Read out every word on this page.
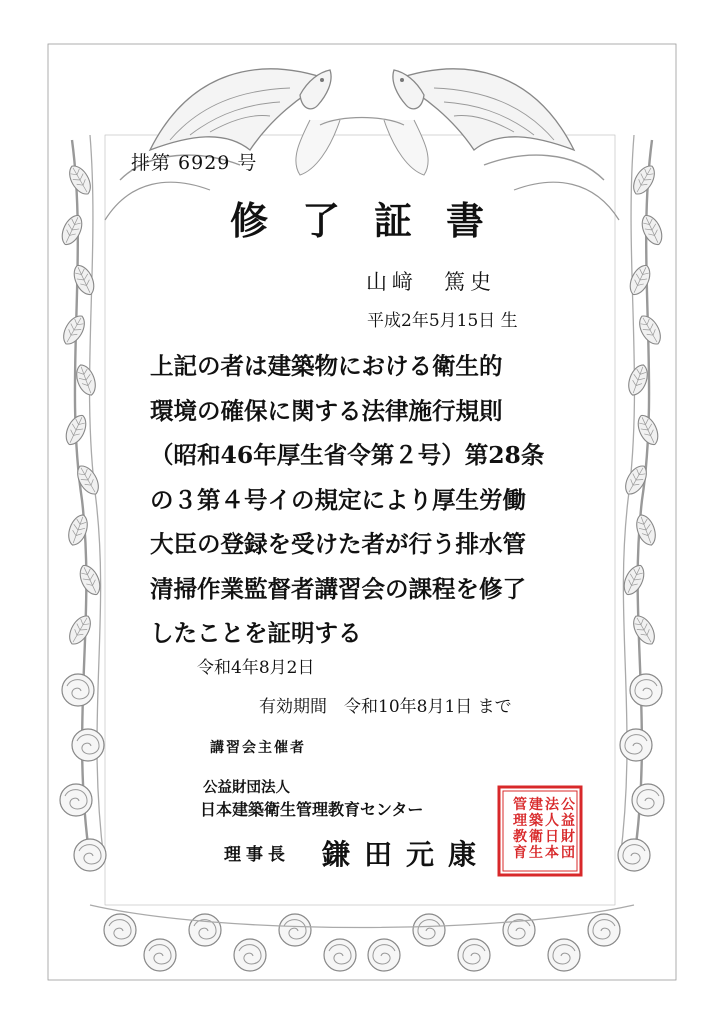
排第 6929 号
修了証書
山﨑　篤史
平成2年5月15日 生
上記の者は建築物における衛生的
環境の確保に関する法律施行規則
（昭和46年厚生省令第２号）第28条
の３第４号イの規定により厚生労働
大臣の登録を受けた者が行う排水管
清掃作業監督者講習会の課程を修了
したことを証明する
令和4年8月2日
有効期間　令和10年8月1日 まで
講習会主催者
公益財団法人
日本建築衛生管理教育センター
理事長 鎌田元康
公
益
財
団
法
人
日
本
建
築
衛
生
管
理
教
育
